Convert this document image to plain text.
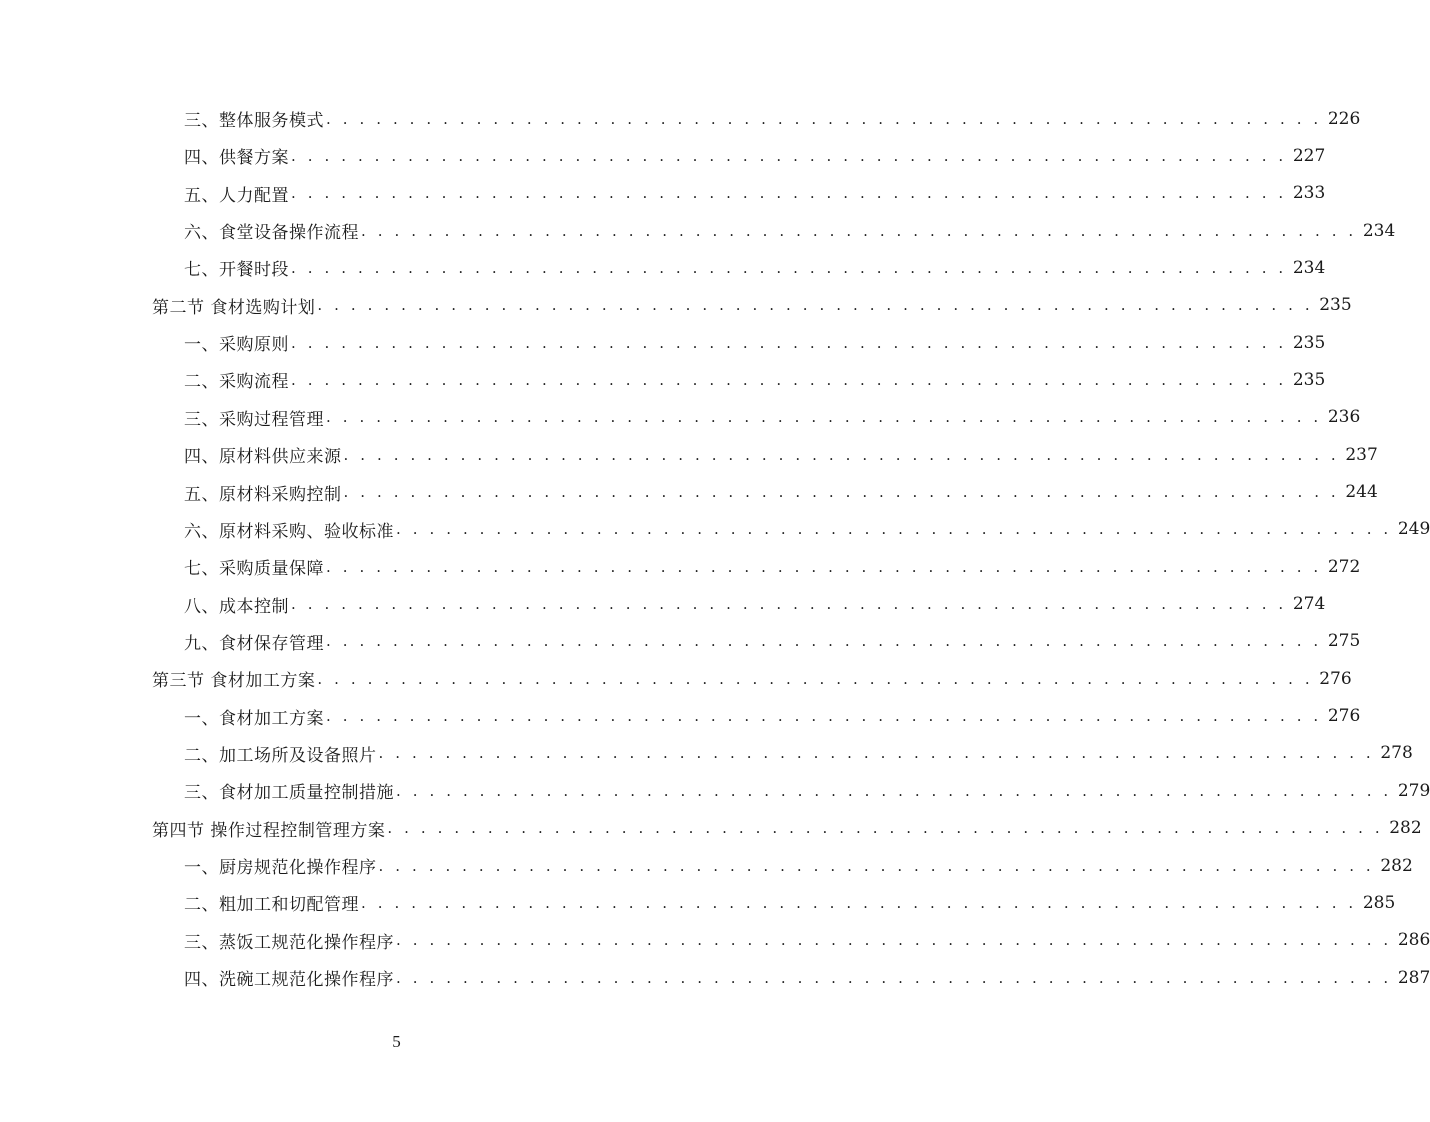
三、整体服务模式 . . . . . . . . . . . . . . . . . . . . . . . . . . . . . . . . . . . . . . . . . . . . . . . . . . . . . . . . . . . . 226
四、供餐方案 . . . . . . . . . . . . . . . . . . . . . . . . . . . . . . . . . . . . . . . . . . . . . . . . . . . . . . . . . . . . 227
五、人力配置 . . . . . . . . . . . . . . . . . . . . . . . . . . . . . . . . . . . . . . . . . . . . . . . . . . . . . . . . . . . . 233
六、食堂设备操作流程 . . . . . . . . . . . . . . . . . . . . . . . . . . . . . . . . . . . . . . . . . . . . . . . . . . . . . . . . . . . . 234
七、开餐时段 . . . . . . . . . . . . . . . . . . . . . . . . . . . . . . . . . . . . . . . . . . . . . . . . . . . . . . . . . . . . 234
第二节 食材选购计划 . . . . . . . . . . . . . . . . . . . . . . . . . . . . . . . . . . . . . . . . . . . . . . . . . . . . . . . . . . . . 235
一、采购原则 . . . . . . . . . . . . . . . . . . . . . . . . . . . . . . . . . . . . . . . . . . . . . . . . . . . . . . . . . . . . 235
二、采购流程 . . . . . . . . . . . . . . . . . . . . . . . . . . . . . . . . . . . . . . . . . . . . . . . . . . . . . . . . . . . . 235
三、采购过程管理 . . . . . . . . . . . . . . . . . . . . . . . . . . . . . . . . . . . . . . . . . . . . . . . . . . . . . . . . . . . . 236
四、原材料供应来源 . . . . . . . . . . . . . . . . . . . . . . . . . . . . . . . . . . . . . . . . . . . . . . . . . . . . . . . . . . . . 237
五、原材料采购控制 . . . . . . . . . . . . . . . . . . . . . . . . . . . . . . . . . . . . . . . . . . . . . . . . . . . . . . . . . . . . 244
六、原材料采购、验收标准 . . . . . . . . . . . . . . . . . . . . . . . . . . . . . . . . . . . . . . . . . . . . . . . . . . . . . . . . . . . . 249
七、采购质量保障 . . . . . . . . . . . . . . . . . . . . . . . . . . . . . . . . . . . . . . . . . . . . . . . . . . . . . . . . . . . . 272
八、成本控制 . . . . . . . . . . . . . . . . . . . . . . . . . . . . . . . . . . . . . . . . . . . . . . . . . . . . . . . . . . . . 274
九、食材保存管理 . . . . . . . . . . . . . . . . . . . . . . . . . . . . . . . . . . . . . . . . . . . . . . . . . . . . . . . . . . . . 275
第三节 食材加工方案 . . . . . . . . . . . . . . . . . . . . . . . . . . . . . . . . . . . . . . . . . . . . . . . . . . . . . . . . . . . . 276
一、食材加工方案 . . . . . . . . . . . . . . . . . . . . . . . . . . . . . . . . . . . . . . . . . . . . . . . . . . . . . . . . . . . . 276
二、加工场所及设备照片 . . . . . . . . . . . . . . . . . . . . . . . . . . . . . . . . . . . . . . . . . . . . . . . . . . . . . . . . . . . . 278
三、食材加工质量控制措施 . . . . . . . . . . . . . . . . . . . . . . . . . . . . . . . . . . . . . . . . . . . . . . . . . . . . . . . . . . . . 279
第四节 操作过程控制管理方案 . . . . . . . . . . . . . . . . . . . . . . . . . . . . . . . . . . . . . . . . . . . . . . . . . . . . . . . . . . . . 282
一、厨房规范化操作程序 . . . . . . . . . . . . . . . . . . . . . . . . . . . . . . . . . . . . . . . . . . . . . . . . . . . . . . . . . . . . 282
二、粗加工和切配管理 . . . . . . . . . . . . . . . . . . . . . . . . . . . . . . . . . . . . . . . . . . . . . . . . . . . . . . . . . . . . 285
三、蒸饭工规范化操作程序 . . . . . . . . . . . . . . . . . . . . . . . . . . . . . . . . . . . . . . . . . . . . . . . . . . . . . . . . . . . . 286
四、洗碗工规范化操作程序 . . . . . . . . . . . . . . . . . . . . . . . . . . . . . . . . . . . . . . . . . . . . . . . . . . . . . . . . . . . . 287
5
